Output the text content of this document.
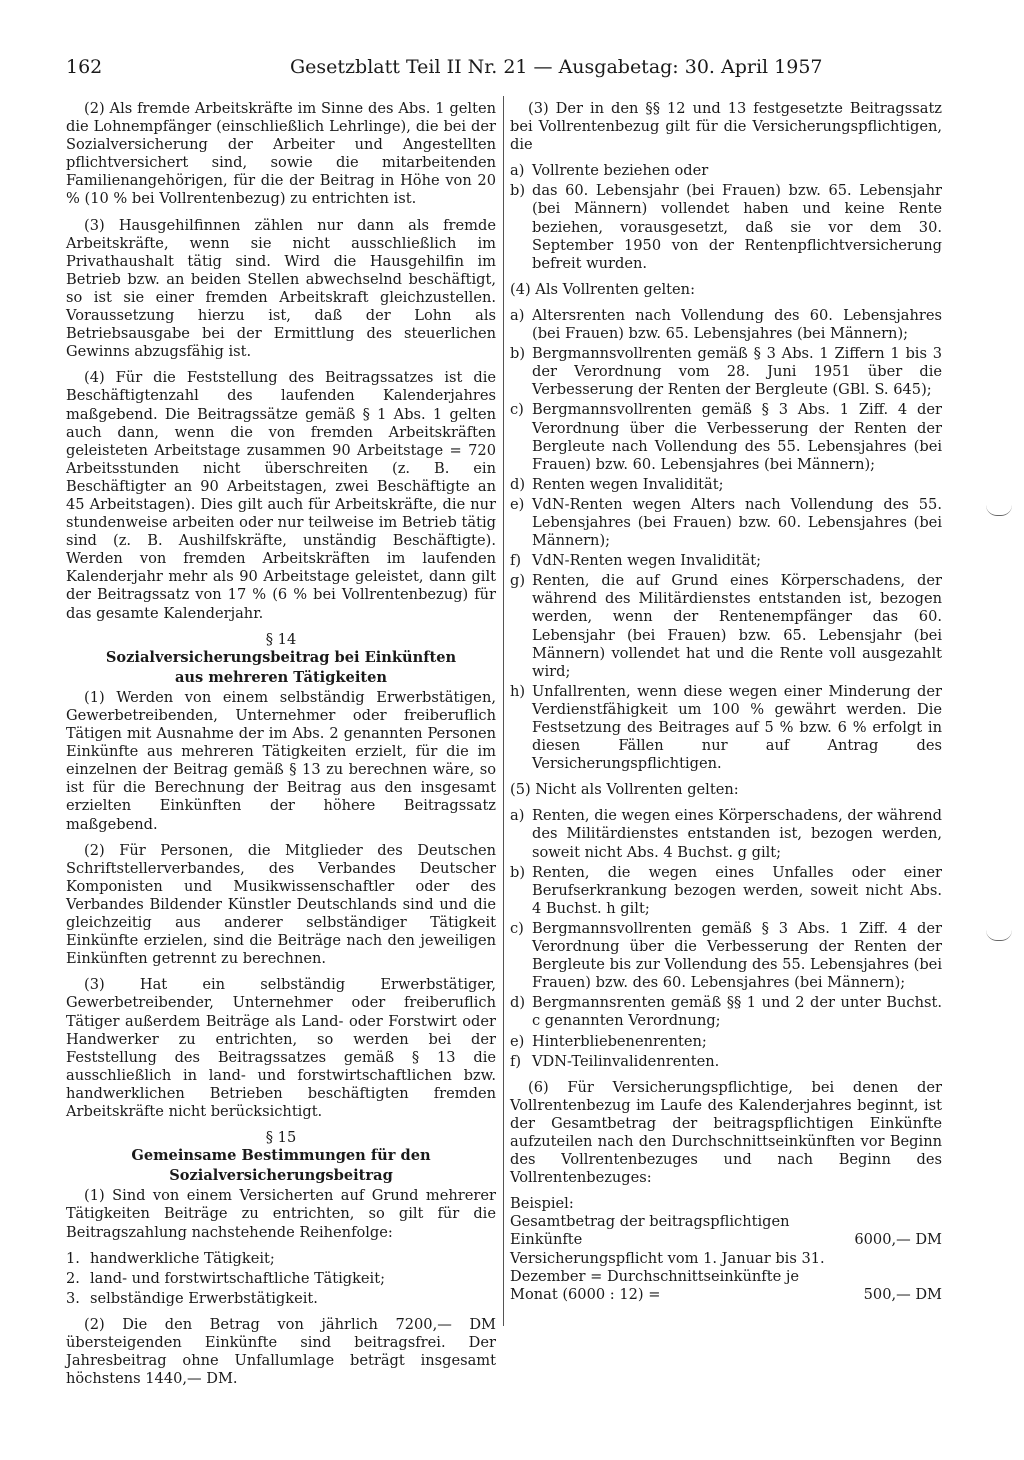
162	Gesetzblatt Teil II Nr. 21 — Ausgabetag: 30. April 1957

(2) Als fremde Arbeitskräfte im Sinne des Abs. 1 gelten die Lohnempfänger (einschließlich Lehrlinge), die bei der Sozialversicherung der Arbeiter und Angestellten pflichtversichert sind, sowie die mitarbeitenden Familienangehörigen, für die der Beitrag in Höhe von 20 % (10 % bei Vollrentenbezug) zu entrichten ist.

(3) Hausgehilfinnen zählen nur dann als fremde Arbeitskräfte, wenn sie nicht ausschließlich im Privathaushalt tätig sind. Wird die Hausgehilfin im Betrieb bzw. an beiden Stellen abwechselnd beschäftigt, so ist sie einer fremden Arbeitskraft gleichzustellen. Voraussetzung hierzu ist, daß der Lohn als Betriebsausgabe bei der Ermittlung des steuerlichen Gewinns abzugsfähig ist.

(4) Für die Feststellung des Beitragssatzes ist die Beschäftigtenzahl des laufenden Kalenderjahres maßgebend. Die Beitragssätze gemäß § 1 Abs. 1 gelten auch dann, wenn die von fremden Arbeitskräften geleisteten Arbeitstage zusammen 90 Arbeitstage = 720 Arbeitsstunden nicht überschreiten (z. B. ein Beschäftigter an 90 Arbeitstagen, zwei Beschäftigte an 45 Arbeitstagen). Dies gilt auch für Arbeitskräfte, die nur stundenweise arbeiten oder nur teilweise im Betrieb tätig sind (z. B. Aushilfskräfte, unständig Beschäftigte). Werden von fremden Arbeitskräften im laufenden Kalenderjahr mehr als 90 Arbeitstage geleistet, dann gilt der Beitragssatz von 17 % (6 % bei Vollrentenbezug) für das gesamte Kalenderjahr.

§ 14
Sozialversicherungsbeitrag bei Einkünften
aus mehreren Tätigkeiten

(1) Werden von einem selbständig Erwerbstätigen, Gewerbetreibenden, Unternehmer oder freiberuflich Tätigen mit Ausnahme der im Abs. 2 genannten Personen Einkünfte aus mehreren Tätigkeiten erzielt, für die im einzelnen der Beitrag gemäß § 13 zu berechnen wäre, so ist für die Berechnung der Beitrag aus den insgesamt erzielten Einkünften der höhere Beitragssatz maßgebend.

(2) Für Personen, die Mitglieder des Deutschen Schriftstellerverbandes, des Verbandes Deutscher Komponisten und Musikwissenschaftler oder des Verbandes Bildender Künstler Deutschlands sind und die gleichzeitig aus anderer selbständiger Tätigkeit Einkünfte erzielen, sind die Beiträge nach den jeweiligen Einkünften getrennt zu berechnen.

(3) Hat ein selbständig Erwerbstätiger, Gewerbetreibender, Unternehmer oder freiberuflich Tätiger außerdem Beiträge als Land- oder Forstwirt oder Handwerker zu entrichten, so werden bei der Feststellung des Beitragssatzes gemäß § 13 die ausschließlich in land- und forstwirtschaftlichen bzw. handwerklichen Betrieben beschäftigten fremden Arbeitskräfte nicht berücksichtigt.

§ 15
Gemeinsame Bestimmungen für den
Sozialversicherungsbeitrag

(1) Sind von einem Versicherten auf Grund mehrerer Tätigkeiten Beiträge zu entrichten, so gilt für die Beitragszahlung nachstehende Reihenfolge:

1. handwerkliche Tätigkeit;
2. land- und forstwirtschaftliche Tätigkeit;
3. selbständige Erwerbstätigkeit.

(2) Die den Betrag von jährlich 7200,— DM übersteigenden Einkünfte sind beitragsfrei. Der Jahresbeitrag ohne Unfallumlage beträgt insgesamt höchstens 1440,— DM.

(3) Der in den §§ 12 und 13 festgesetzte Beitragssatz bei Vollrentenbezug gilt für die Versicherungspflichtigen, die

a) Vollrente beziehen oder
b) das 60. Lebensjahr (bei Frauen) bzw. 65. Lebensjahr (bei Männern) vollendet haben und keine Rente beziehen, vorausgesetzt, daß sie vor dem 30. September 1950 von der Rentenpflichtversicherung befreit wurden.

(4) Als Vollrenten gelten:

a) Altersrenten nach Vollendung des 60. Lebensjahres (bei Frauen) bzw. 65. Lebensjahres (bei Männern);
b) Bergmannsvollrenten gemäß § 3 Abs. 1 Ziffern 1 bis 3 der Verordnung vom 28. Juni 1951 über die Verbesserung der Renten der Bergleute (GBl. S. 645);
c) Bergmannsvollrenten gemäß § 3 Abs. 1 Ziff. 4 der Verordnung über die Verbesserung der Renten der Bergleute nach Vollendung des 55. Lebensjahres (bei Frauen) bzw. 60. Lebensjahres (bei Männern);
d) Renten wegen Invalidität;
e) VdN-Renten wegen Alters nach Vollendung des 55. Lebensjahres (bei Frauen) bzw. 60. Lebensjahres (bei Männern);
f) VdN-Renten wegen Invalidität;
g) Renten, die auf Grund eines Körperschadens, der während des Militärdienstes entstanden ist, bezogen werden, wenn der Rentenempfänger das 60. Lebensjahr (bei Frauen) bzw. 65. Lebensjahr (bei Männern) vollendet hat und die Rente voll ausgezahlt wird;
h) Unfallrenten, wenn diese wegen einer Minderung der Verdienstfähigkeit um 100 % gewährt werden. Die Festsetzung des Beitrages auf 5 % bzw. 6 % erfolgt in diesen Fällen nur auf Antrag des Versicherungspflichtigen.

(5) Nicht als Vollrenten gelten:

a) Renten, die wegen eines Körperschadens, der während des Militärdienstes entstanden ist, bezogen werden, soweit nicht Abs. 4 Buchst. g gilt;
b) Renten, die wegen eines Unfalles oder einer Berufserkrankung bezogen werden, soweit nicht Abs. 4 Buchst. h gilt;
c) Bergmannsvollrenten gemäß § 3 Abs. 1 Ziff. 4 der Verordnung über die Verbesserung der Renten der Bergleute bis zur Vollendung des 55. Lebensjahres (bei Frauen) bzw. des 60. Lebensjahres (bei Männern);
d) Bergmannsrenten gemäß §§ 1 und 2 der unter Buchst. c genannten Verordnung;
e) Hinterbliebenenrenten;
f) VDN-Teilinvalidenrenten.

(6) Für Versicherungspflichtige, bei denen der Vollrentenbezug im Laufe des Kalenderjahres beginnt, ist der Gesamtbetrag der beitragspflichtigen Einkünfte aufzuteilen nach den Durchschnittseinkünften vor Beginn des Vollrentenbezuges und nach Beginn des Vollrentenbezuges:

Beispiel:
Gesamtbetrag der beitragspflichtigen Einkünfte	6000,— DM
Versicherungspflicht vom 1. Januar bis 31. Dezember = Durchschnittseinkünfte je Monat (6000 : 12) =	500,— DM
